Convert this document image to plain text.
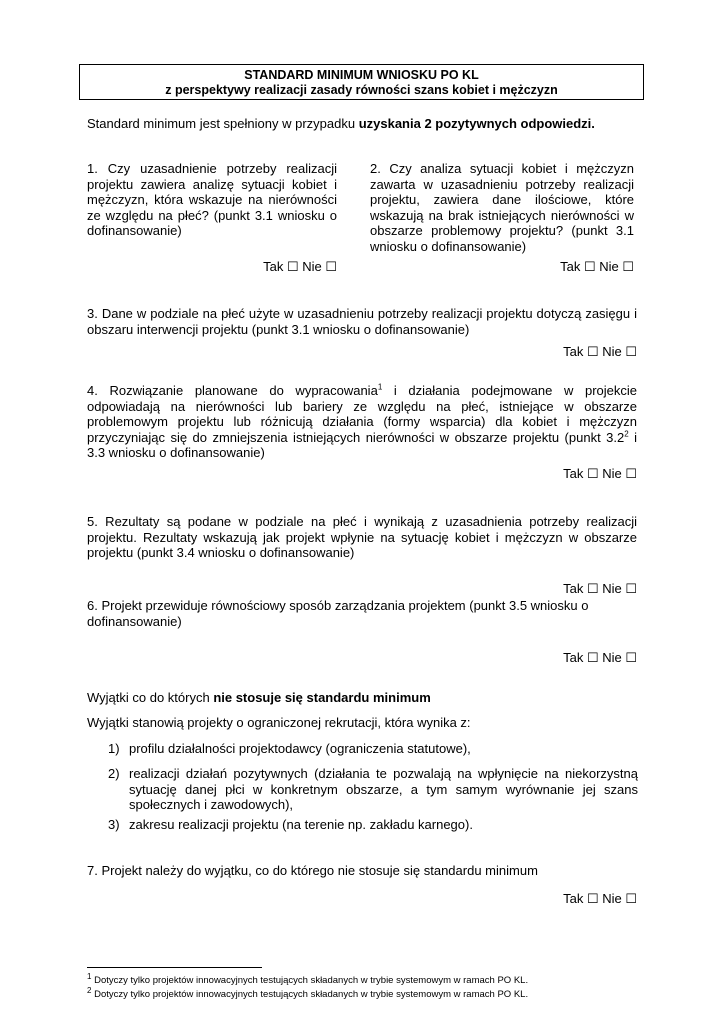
STANDARD MINIMUM WNIOSKU PO KL
z perspektywy realizacji zasady równości szans kobiet i mężczyzn
Standard minimum jest spełniony w przypadku uzyskania 2 pozytywnych odpowiedzi.
1. Czy uzasadnienie potrzeby realizacji projektu zawiera analizę sytuacji kobiet i mężczyzn, która wskazuje na nierówności ze względu na płeć? (punkt 3.1 wniosku o dofinansowanie)
Tak ☐ Nie ☐
2. Czy analiza sytuacji kobiet i mężczyzn zawarta w uzasadnieniu potrzeby realizacji projektu, zawiera dane ilościowe, które wskazują na brak istniejących nierówności w obszarze problemowy projektu? (punkt 3.1 wniosku o dofinansowanie)
Tak ☐ Nie ☐
3. Dane w podziale na płeć użyte w uzasadnieniu potrzeby realizacji projektu dotyczą zasięgu i obszaru interwencji projektu (punkt 3.1 wniosku o dofinansowanie)
Tak ☐ Nie ☐
4. Rozwiązanie planowane do wypracowania$^1$ i działania podejmowane w projekcie odpowiadają na nierówności lub bariery ze względu na płeć, istniejące w obszarze problemowym projektu lub różnicują działania (formy wsparcia) dla kobiet i mężczyzn przyczyniając się do zmniejszenia istniejących nierówności w obszarze projektu (punkt $3.2^2$ i 3.3 wniosku o dofinansowanie)
Tak ☐ Nie ☐
5. Rezultaty są podane w podziale na płeć i wynikają z uzasadnienia potrzeby realizacji projektu. Rezultaty wskazują jak projekt wpłynie na sytuację kobiet i mężczyzn w obszarze projektu (punkt 3.4 wniosku o dofinansowanie)
Tak ☐ Nie ☐
6. Projekt przewiduje równościowy sposób zarządzania projektem (punkt 3.5 wniosku o dofinansowanie)
Tak ☐ Nie ☐
Wyjątki co do których nie stosuje się standardu minimum
Wyjątki stanowią projekty o ograniczonej rekrutacji, która wynika z:
1) profilu działalności projektodawcy (ograniczenia statutowe),
2) realizacji działań pozytywnych (działania te pozwalają na wpłynięcie na niekorzystną sytuację danej płci w konkretnym obszarze, a tym samym wyrównanie jej szans społecznych i zawodowych),
3) zakresu realizacji projektu (na terenie np. zakładu karnego).
7. Projekt należy do wyjątku, co do którego nie stosuje się standardu minimum
Tak ☐ Nie ☐
$^1$ Dotyczy tylko projektów innowacyjnych testujących składanych w trybie systemowym w ramach PO KL.
$^2$ Dotyczy tylko projektów innowacyjnych testujących składanych w trybie systemowym w ramach PO KL.
